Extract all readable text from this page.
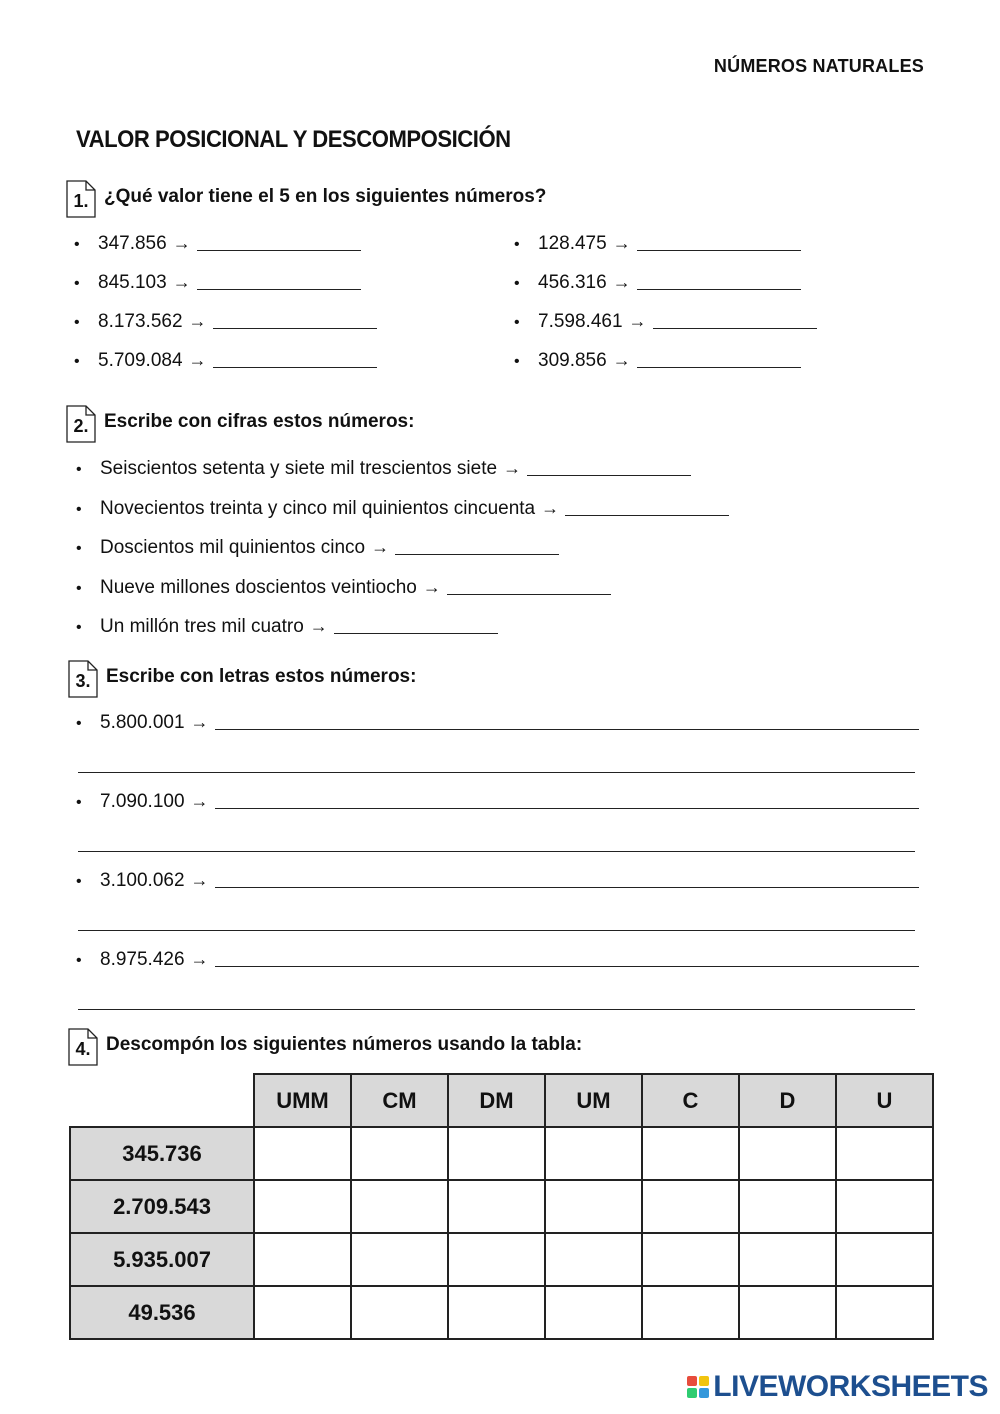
NÚMEROS NATURALES
VALOR POSICIONAL Y DESCOMPOSICIÓN
1. ¿Qué valor tiene el 5 en los siguientes números?
• 347.856 →
• 845.103 →
• 8.173.562 →
• 5.709.084 →
• 128.475 →
• 456.316 →
• 7.598.461 →
• 309.856 →
2. Escribe con cifras estos números:
• Seiscientos setenta y siete mil trescientos siete →
• Novecientos treinta y cinco mil quinientos cincuenta →
• Doscientos mil quinientos cinco →
• Nueve millones doscientos veintiocho →
• Un millón tres mil cuatro →
3. Escribe con letras estos números:
• 5.800.001 →
• 7.090.100 →
• 3.100.062 →
• 8.975.426 →
4. Descompón los siguientes números usando la tabla:
	UMM	CM	DM	UM	C	D	U
345.736							
2.709.543							
5.935.007							
49.536							
LIVEWORKSHEETS
